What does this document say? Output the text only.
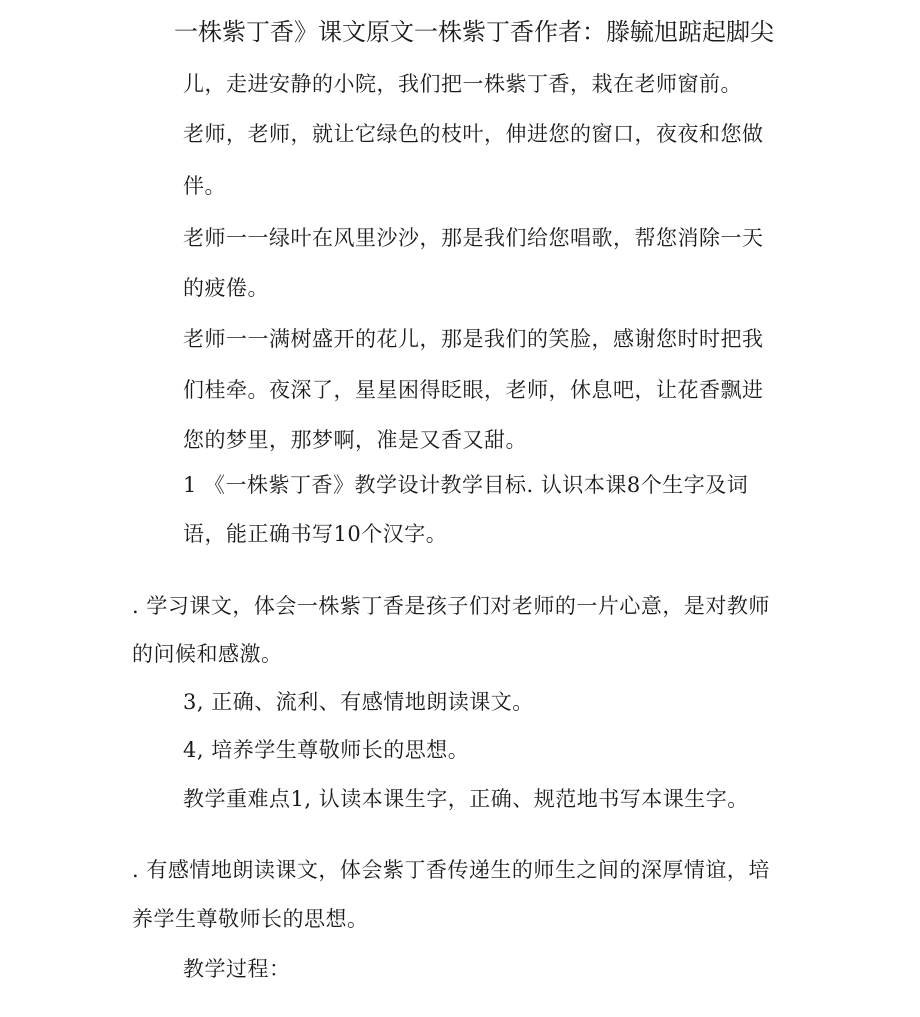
一株紫丁香》课文原文一株紫丁香作者：滕毓旭踮起脚尖
儿，走进安静的小院，我们把一株紫丁香，栽在老师窗前。
老师，老师，就让它绿色的枝叶，伸进您的窗口，夜夜和您做
伴。
老师一一绿叶在风里沙沙，那是我们给您唱歌，帮您消除一天
的疲倦。
老师一一满树盛开的花儿，那是我们的笑脸，感谢您时时把我
们桂牵。夜深了，星星困得眨眼，老师，休息吧，让花香飘进
您的梦里，那梦啊，准是又香又甜。
1 《一株紫丁香》教学设计教学目标. 认识本课8个生字及词
语，能正确书写10个汉字。
. 学习课文，体会一株紫丁香是孩子们对老师的一片心意，是对教师
的问候和感激。
3, 正确、流利、有感情地朗读课文。
4, 培养学生尊敬师长的思想。
教学重难点1, 认读本课生字，正确、规范地书写本课生字。
. 有感情地朗读课文，体会紫丁香传递生的师生之间的深厚情谊，培
养学生尊敬师长的思想。
教学过程：
